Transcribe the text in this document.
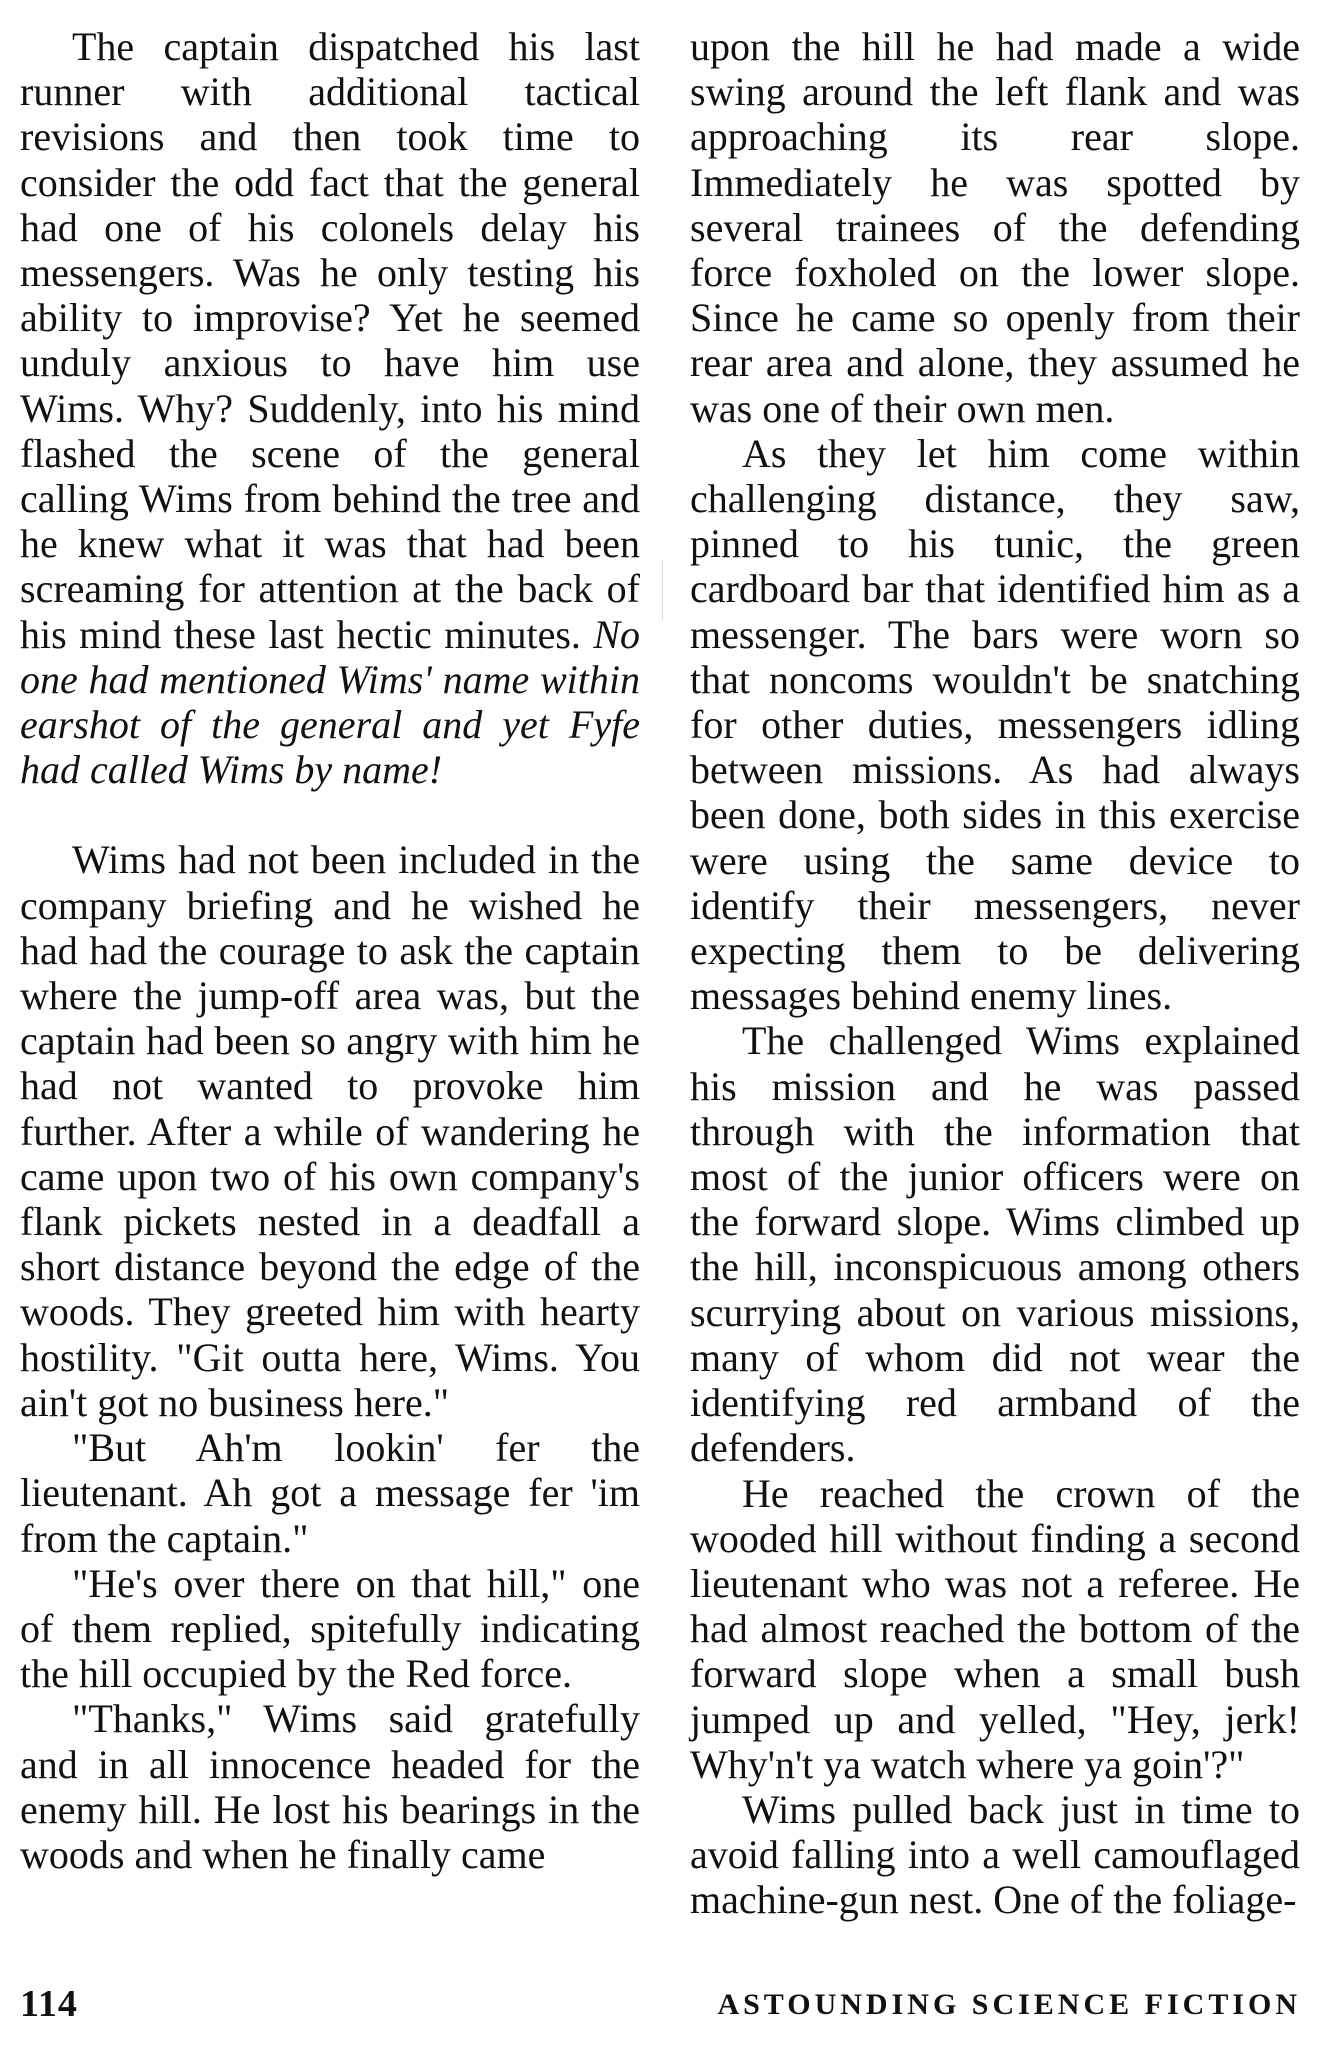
The captain dispatched his last runner with additional tactical revisions and then took time to consider the odd fact that the general had one of his colonels delay his messengers. Was he only testing his ability to improvise? Yet he seemed unduly anxious to have him use Wims. Why? Suddenly, into his mind flashed the scene of the general calling Wims from behind the tree and he knew what it was that had been screaming for attention at the back of his mind these last hectic minutes. No one had mentioned Wims' name within earshot of the general and yet Fyfe had called Wims by name!

Wims had not been included in the company briefing and he wished he had had the courage to ask the captain where the jump-off area was, but the captain had been so angry with him he had not wanted to provoke him further. After a while of wandering he came upon two of his own company's flank pickets nested in a deadfall a short distance beyond the edge of the woods. They greeted him with hearty hostility. "Git outta here, Wims. You ain't got no business here."

"But Ah'm lookin' fer the lieutenant. Ah got a message fer 'im from the captain."

"He's over there on that hill," one of them replied, spitefully indicating the hill occupied by the Red force.

"Thanks," Wims said gratefully and in all innocence headed for the enemy hill. He lost his bearings in the woods and when he finally came

upon the hill he had made a wide swing around the left flank and was approaching its rear slope. Immediately he was spotted by several trainees of the defending force foxholed on the lower slope. Since he came so openly from their rear area and alone, they assumed he was one of their own men.

As they let him come within challenging distance, they saw, pinned to his tunic, the green cardboard bar that identified him as a messenger. The bars were worn so that noncoms wouldn't be snatching for other duties, messengers idling between missions. As had always been done, both sides in this exercise were using the same device to identify their messengers, never expecting them to be delivering messages behind enemy lines.

The challenged Wims explained his mission and he was passed through with the information that most of the junior officers were on the forward slope. Wims climbed up the hill, inconspicuous among others scurrying about on various missions, many of whom did not wear the identifying red armband of the defenders.

He reached the crown of the wooded hill without finding a second lieutenant who was not a referee. He had almost reached the bottom of the forward slope when a small bush jumped up and yelled, "Hey, jerk! Why'n't ya watch where ya goin'?"

Wims pulled back just in time to avoid falling into a well camouflaged machine-gun nest. One of the foliage-

114	ASTOUNDING SCIENCE FICTION
